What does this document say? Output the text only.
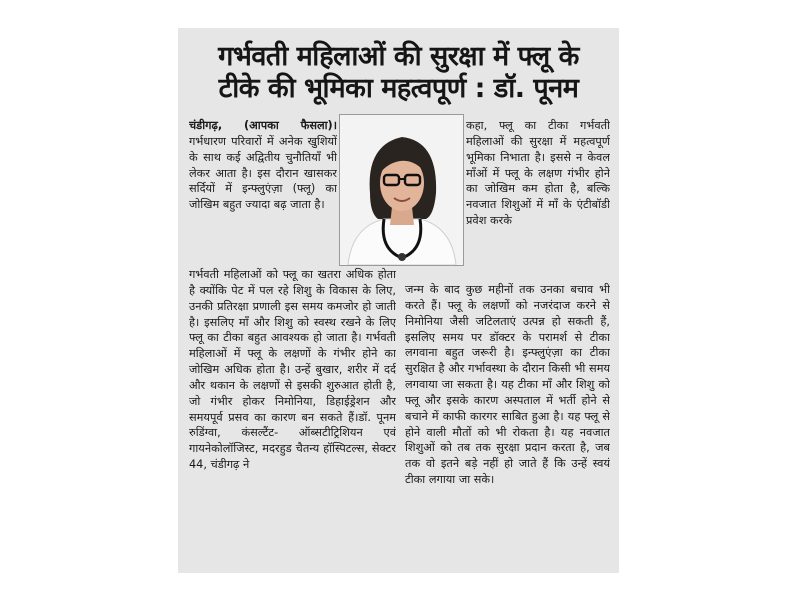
गर्भवती महिलाओं की सुरक्षा में फ्लू के
टीके की भूमिका महत्वपूर्ण : डॉ. पूनम

चंडीगढ़, (आपका फैसला)। गर्भधारण परिवारों में अनेक खुशियों के साथ कई अद्वितीय चुनौतियाँ भी लेकर आता है। इस दौरान खासकर सर्दियों में इन्फ्लुएंज़ा (फ्लू) का जोखिम बहुत ज्यादा बढ़ जाता है।

कहा, फ्लू का टीका गर्भवती महिलाओं की सुरक्षा में महत्वपूर्ण भूमिका निभाता है। इससे न केवल माँओं में फ्लू के लक्षण गंभीर होने का जोखिम कम होता है, बल्कि नवजात शिशुओं में माँ के एंटीबॉडी प्रवेश करके

गर्भवती महिलाओं को फ्लू का खतरा अधिक होता है क्योंकि पेट में पल रहे शिशु के विकास के लिए, उनकी प्रतिरक्षा प्रणाली इस समय कमजोर हो जाती है। इसलिए माँ और शिशु को स्वस्थ रखने के लिए फ्लू का टीका बहुत आवश्यक हो जाता है। गर्भवती महिलाओं में फ्लू के लक्षणों के गंभीर होने का जोखिम अधिक होता है। उन्हें बुखार, शरीर में दर्द और थकान के लक्षणों से इसकी शुरुआत होती है, जो गंभीर होकर निमोनिया, डिहाईड्रेशन और समयपूर्व प्रसव का कारण बन सकते हैं।डॉ. पूनम रुडिंग्वा, कंसल्टैंट- ऑब्सटीट्रिशियन एवं गायनेकोलॉजिस्ट, मदरहुड चैतन्य हॉस्पिटल्स, सेक्टर 44, चंडीगढ़ ने

जन्म के बाद कुछ महीनों तक उनका बचाव भी करते हैं। फ्लू के लक्षणों को नजरंदाज करने से निमोनिया जैसी जटिलताएं उत्पन्न हो सकती हैं, इसलिए समय पर डॉक्टर के परामर्श से टीका लगवाना बहुत जरूरी है। इन्फ्लुएंज़ा का टीका सुरक्षित है और गर्भावस्था के दौरान किसी भी समय लगवाया जा सकता है। यह टीका माँ और शिशु को फ्लू और इसके कारण अस्पताल में भर्ती होने से बचाने में काफी कारगर साबित हुआ है। यह फ्लू से होने वाली मौतों को भी रोकता है। यह नवजात शिशुओं को तब तक सुरक्षा प्रदान करता है, जब तक वो इतने बड़े नहीं हो जाते हैं कि उन्हें स्वयं टीका लगाया जा सके।
